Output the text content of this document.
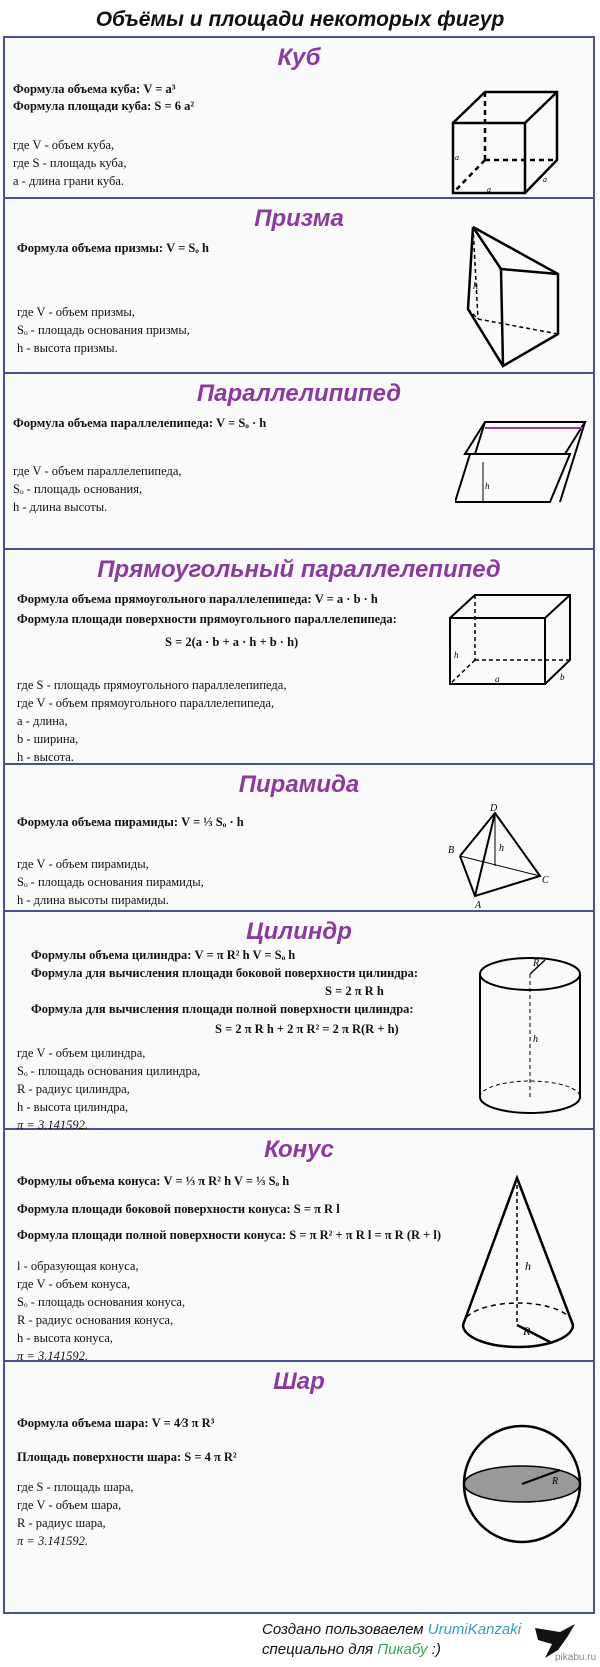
Объёмы и площади некоторых фигур
Куб
Формула объема куба: V = a³
Формула площади куба: S = 6 a²
где V - объем куба,
где S - площадь куба,
a - длина грани куба.
a
a
a
Призма
Формула объема призмы: V = Sₒ h
где V - объем призмы,
Sₒ - площадь основания призмы,
h - высота призмы.
h
Параллелипипед
Формула объема параллелепипеда: V = Sₒ · h
где V - объем параллелепипеда,
Sₒ - площадь основания,
h - длина высоты.
h
Прямоугольный параллелепипед
Формула объема прямоугольного параллелепипеда: V = a · b · h
Формула площади поверхности прямоугольного параллелепипеда:
S = 2(a · b + a · h + b · h)
где S - площадь прямоугольного параллелепипеда,
где V - объем прямоугольного параллелепипеда,
a - длина,
b - ширина,
h - высота.
h
a	b
Пирамида
Формула объема пирамиды: V = ⅓ Sₒ · h
где V - объем пирамиды,
Sₒ - площадь основания пирамиды,
h - длина высоты пирамиды.
D
B	h
C
A
Цилиндр
Формулы объема цилиндра: V = π R² h V = Sₒ h
Формула для вычисления площади боковой поверхности цилиндра:
S = 2 π R h
Формула для вычисления площади полной поверхности цилиндра:
S = 2 π R h + 2 π R² = 2 π R(R + h)
где V - объем цилиндра,
Sₒ - площадь основания цилиндра,
R - радиус цилиндра,
h - высота цилиндра,
π = 3.141592.
R
h
Конус
Формулы объема конуса: V = ⅓ π R² h V = ⅓ Sₒ h
Формула площади боковой поверхности конуса: S = π R l
Формула площади полной поверхности конуса: S = π R² + π R l = π R (R + l)
l - образующая конуса,
где V - объем конуса,
Sₒ - площадь основания конуса,
R - радиус основания конуса,
h - высота конуса,
π = 3.141592.
h
R
Шар
Формула объема шара: V = 4⁄3 π R³
Площадь поверхности шара: S = 4 π R²
где S - площадь шара,
где V - объем шара,
R - радиус шара,
π = 3.141592.
R
Создано пользоваелем UrumiKanzaki
специально для Пикабу :)	pikabu.ru
